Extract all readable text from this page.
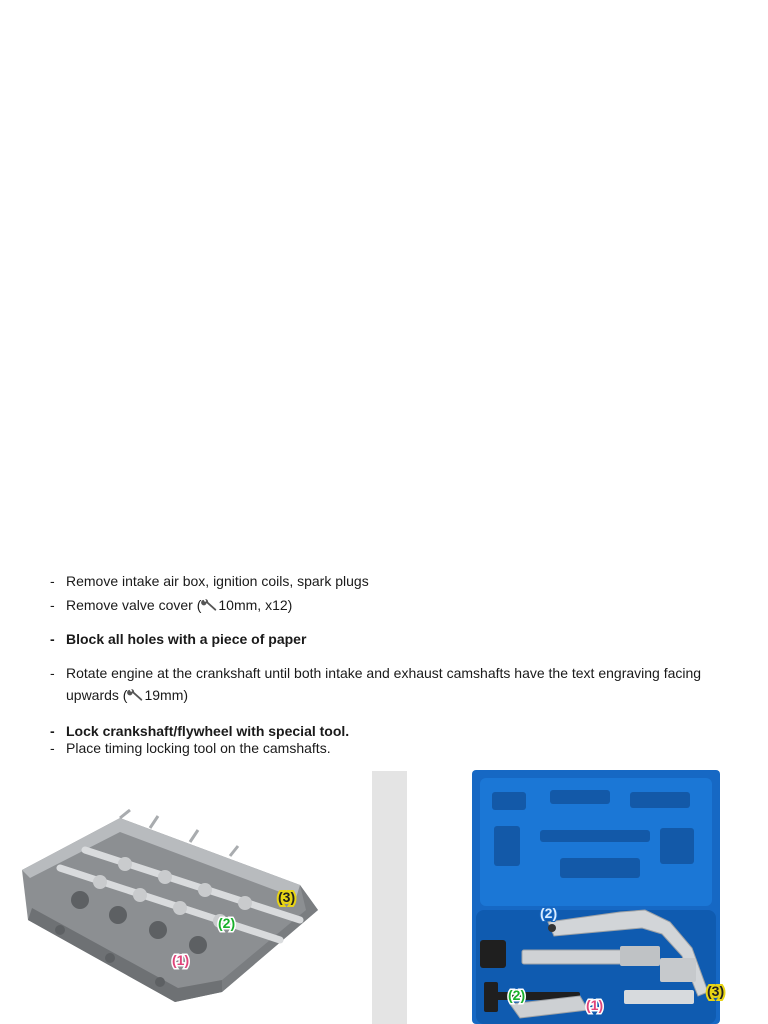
- Remove intake air box, ignition coils, spark plugs
- Remove valve cover ( 10mm, x12)
- Block all holes with a piece of paper
- Rotate engine at the crankshaft until both intake and exhaust camshafts have the text engraving facing upwards ( 19mm)
- Lock crankshaft/flywheel with special tool.
- Place timing locking tool on the camshafts.
(1)
(2)
(3)
(2)
(2)
(1)
(3)
